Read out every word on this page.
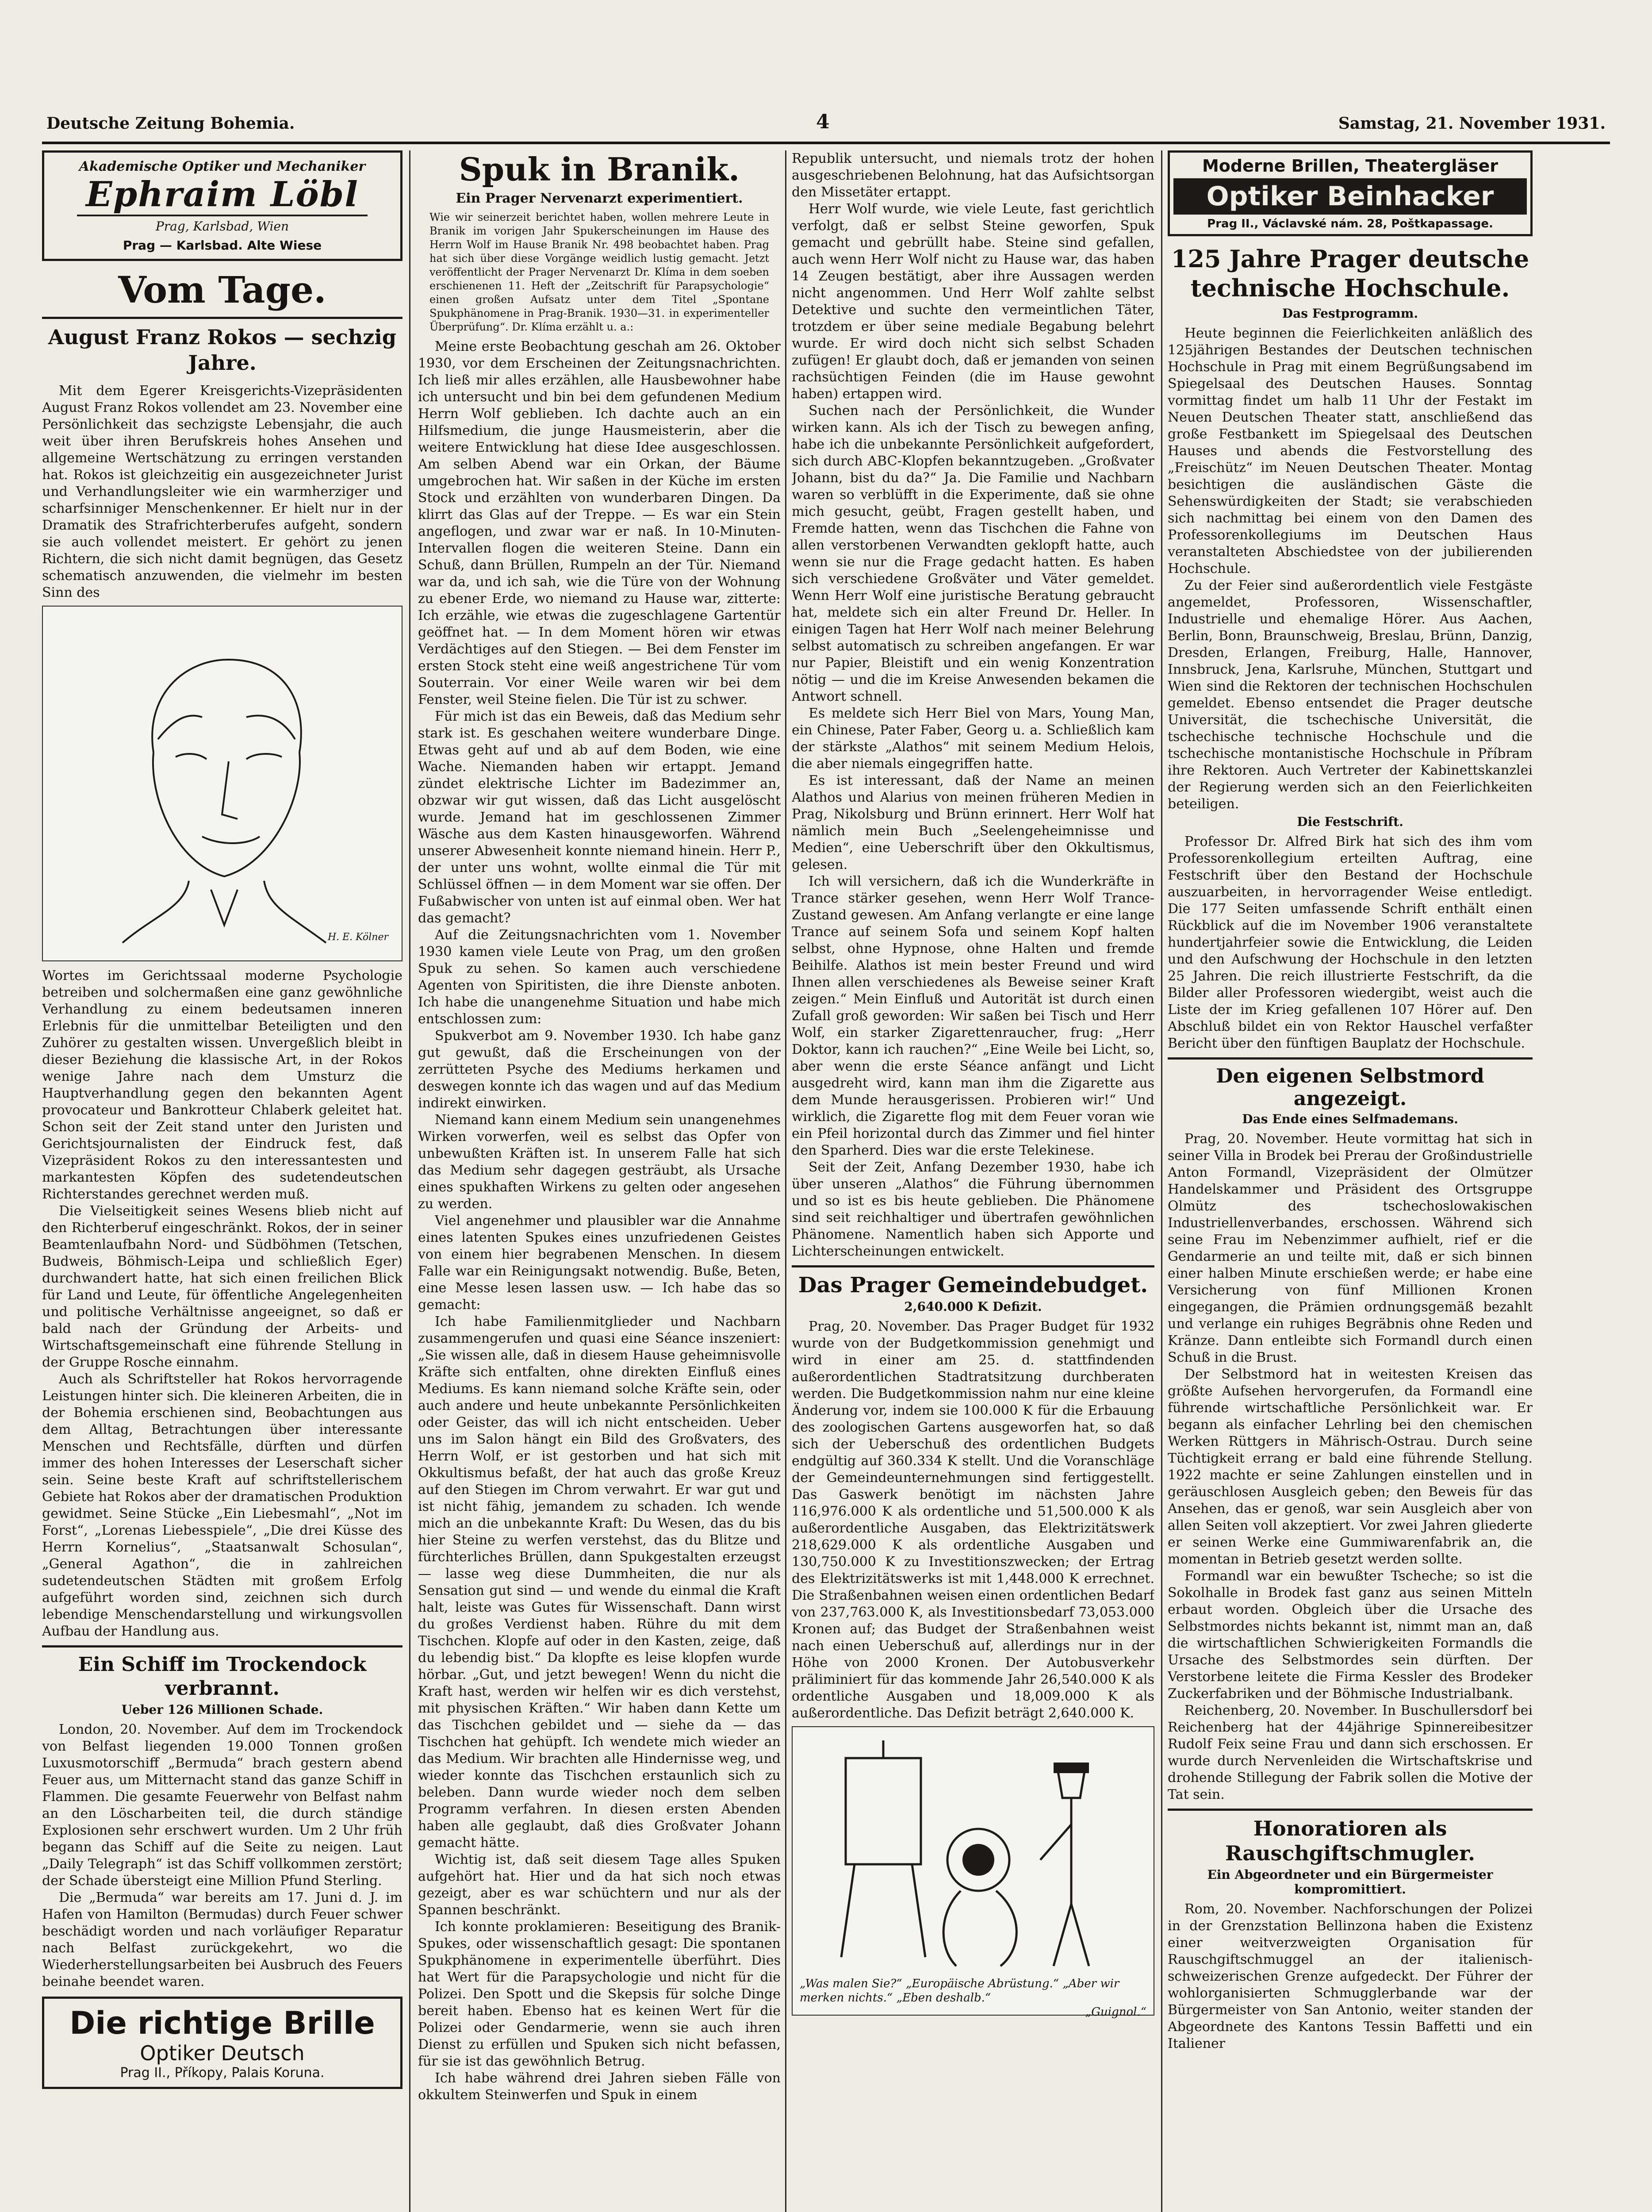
Deutsche Zeitung Bohemia.	4	Samstag, 21. November 1931.
Akademische Optiker und Mechaniker
Ephraim Löbl
Prag, Karlsbad, Wien
Prag — Karlsbad. Alte Wiese
Vom Tage.
August Franz Rokos — sechzig Jahre.
Mit dem Egerer Kreisgerichts-Vizepräsidenten August Franz Rokos vollendet am 23. November eine Persönlichkeit das sechzigste Lebensjahr, die auch weit über ihren Berufskreis hohes Ansehen und allgemeine Wertschätzung zu erringen verstanden hat. Rokos ist gleichzeitig ein ausgezeichneter Jurist und Verhandlungsleiter wie ein warmherziger und scharfsinniger Menschenkenner. Er hielt nur in der Dramatik des Strafrichterberufes aufgeht, sondern sie auch vollendet meistert. Er gehört zu jenen Richtern, die sich nicht damit begnügen, das Gesetz schematisch anzuwenden, die vielmehr im besten Sinn des
H. E. Kölner
Wortes im Gerichtssaal moderne Psychologie betreiben und solchermaßen eine ganz gewöhnliche Verhandlung zu einem bedeutsamen inneren Erlebnis für die unmittelbar Beteiligten und den Zuhörer zu gestalten wissen. Unvergeßlich bleibt in dieser Beziehung die klassische Art, in der Rokos wenige Jahre nach dem Umsturz die Hauptverhandlung gegen den bekannten Agent provocateur und Bankrotteur Chlaberk geleitet hat. Schon seit der Zeit stand unter den Juristen und Gerichtsjournalisten der Eindruck fest, daß Vizepräsident Rokos zu den interessantesten und markantesten Köpfen des sudetendeutschen Richterstandes gerechnet werden muß.
Die Vielseitigkeit seines Wesens blieb nicht auf den Richterberuf eingeschränkt. Rokos, der in seiner Beamtenlaufbahn Nord- und Südböhmen (Tetschen, Budweis, Böhmisch-Leipa und schließlich Eger) durchwandert hatte, hat sich einen freilichen Blick für Land und Leute, für öffentliche Angelegenheiten und politische Verhältnisse angeeignet, so daß er bald nach der Gründung der Arbeits- und Wirtschaftsgemeinschaft eine führende Stellung in der Gruppe Rosche einnahm.
Auch als Schriftsteller hat Rokos hervorragende Leistungen hinter sich. Die kleineren Arbeiten, die in der Bohemia erschienen sind, Beobachtungen aus dem Alltag, Betrachtungen über interessante Menschen und Rechtsfälle, dürften und dürfen immer des hohen Interesses der Leserschaft sicher sein. Seine beste Kraft auf schriftstellerischem Gebiete hat Rokos aber der dramatischen Produktion gewidmet. Seine Stücke „Ein Liebesmahl“, „Not im Forst“, „Lorenas Liebesspiele“, „Die drei Küsse des Herrn Kornelius“, „Staatsanwalt Schosulan“, „General Agathon“, die in zahlreichen sudetendeutschen Städten mit großem Erfolg aufgeführt worden sind, zeichnen sich durch lebendige Menschendarstellung und wirkungsvollen Aufbau der Handlung aus.
Ein Schiff im Trockendock verbrannt.
Ueber 126 Millionen Schade.
London, 20. November. Auf dem im Trockendock von Belfast liegenden 19.000 Tonnen großen Luxusmotorschiff „Bermuda“ brach gestern abend Feuer aus, um Mitternacht stand das ganze Schiff in Flammen. Die gesamte Feuerwehr von Belfast nahm an den Löscharbeiten teil, die durch ständige Explosionen sehr erschwert wurden. Um 2 Uhr früh begann das Schiff auf die Seite zu neigen. Laut „Daily Telegraph“ ist das Schiff vollkommen zerstört; der Schade übersteigt eine Million Pfund Sterling.
Die „Bermuda“ war bereits am 17. Juni d. J. im Hafen von Hamilton (Bermudas) durch Feuer schwer beschädigt worden und nach vorläufiger Reparatur nach Belfast zurückgekehrt, wo die Wiederherstellungsarbeiten bei Ausbruch des Feuers beinahe beendet waren.
Die richtige Brille
Optiker Deutsch
Prag II., Příkopy, Palais Koruna.
Spuk in Branik.
Ein Prager Nervenarzt experimentiert.
Wie wir seinerzeit berichtet haben, wollen mehrere Leute in Branik im vorigen Jahr Spukerscheinungen im Hause des Herrn Wolf im Hause Branik Nr. 498 beobachtet haben. Prag hat sich über diese Vorgänge weidlich lustig gemacht. Jetzt veröffentlicht der Prager Nervenarzt Dr. Klíma in dem soeben erschienenen 11. Heft der „Zeitschrift für Parapsychologie“ einen großen Aufsatz unter dem Titel „Spontane Spukphänomene in Prag-Branik. 1930—31. in experimenteller Überprüfung“. Dr. Klíma erzählt u. a.:
Meine erste Beobachtung geschah am 26. Oktober 1930, vor dem Erscheinen der Zeitungsnachrichten. Ich ließ mir alles erzählen, alle Hausbewohner habe ich untersucht und bin bei dem gefundenen Medium Herrn Wolf geblieben. Ich dachte auch an ein Hilfsmedium, die junge Hausmeisterin, aber die weitere Entwicklung hat diese Idee ausgeschlossen. Am selben Abend war ein Orkan, der Bäume umgebrochen hat. Wir saßen in der Küche im ersten Stock und erzählten von wunderbaren Dingen. Da klirrt das Glas auf der Treppe. — Es war ein Stein angeflogen, und zwar war er naß. In 10-Minuten-Intervallen flogen die weiteren Steine. Dann ein Schuß, dann Brüllen, Rumpeln an der Tür. Niemand war da, und ich sah, wie die Türe von der Wohnung zu ebener Erde, wo niemand zu Hause war, zitterte: Ich erzähle, wie etwas die zugeschlagene Gartentür geöffnet hat. — In dem Moment hören wir etwas Verdächtiges auf den Stiegen. — Bei dem Fenster im ersten Stock steht eine weiß angestrichene Tür vom Souterrain. Vor einer Weile waren wir bei dem Fenster, weil Steine fielen. Die Tür ist zu schwer.
Für mich ist das ein Beweis, daß das Medium sehr stark ist. Es geschahen weitere wunderbare Dinge. Etwas geht auf und ab auf dem Boden, wie eine Wache. Niemanden haben wir ertappt. Jemand zündet elektrische Lichter im Badezimmer an, obzwar wir gut wissen, daß das Licht ausgelöscht wurde. Jemand hat im geschlossenen Zimmer Wäsche aus dem Kasten hinausgeworfen. Während unserer Abwesenheit konnte niemand hinein. Herr P., der unter uns wohnt, wollte einmal die Tür mit Schlüssel öffnen — in dem Moment war sie offen. Der Fußabwischer von unten ist auf einmal oben. Wer hat das gemacht?
Auf die Zeitungsnachrichten vom 1. November 1930 kamen viele Leute von Prag, um den großen Spuk zu sehen. So kamen auch verschiedene Agenten von Spiritisten, die ihre Dienste anboten. Ich habe die unangenehme Situation und habe mich entschlossen zum:
Spukverbot am 9. November 1930. Ich habe ganz gut gewußt, daß die Erscheinungen von der zerrütteten Psyche des Mediums herkamen und deswegen konnte ich das wagen und auf das Medium indirekt einwirken.
Niemand kann einem Medium sein unangenehmes Wirken vorwerfen, weil es selbst das Opfer von unbewußten Kräften ist. In unserem Falle hat sich das Medium sehr dagegen gesträubt, als Ursache eines spukhaften Wirkens zu gelten oder angesehen zu werden.
Viel angenehmer und plausibler war die Annahme eines latenten Spukes eines unzufriedenen Geistes von einem hier begrabenen Menschen. In diesem Falle war ein Reinigungsakt notwendig. Buße, Beten, eine Messe lesen lassen usw. — Ich habe das so gemacht:
Ich habe Familienmitglieder und Nachbarn zusammengerufen und quasi eine Séance inszeniert: „Sie wissen alle, daß in diesem Hause geheimnisvolle Kräfte sich entfalten, ohne direkten Einfluß eines Mediums. Es kann niemand solche Kräfte sein, oder auch andere und heute unbekannte Persönlichkeiten oder Geister, das will ich nicht entscheiden. Ueber uns im Salon hängt ein Bild des Großvaters, des Herrn Wolf, er ist gestorben und hat sich mit Okkultismus befaßt, der hat auch das große Kreuz auf den Stiegen im Chrom verwahrt. Er war gut und ist nicht fähig, jemandem zu schaden. Ich wende mich an die unbekannte Kraft: Du Wesen, das du bis hier Steine zu werfen verstehst, das du Blitze und fürchterliches Brüllen, dann Spukgestalten erzeugst — lasse weg diese Dummheiten, die nur als Sensation gut sind — und wende du einmal die Kraft halt, leiste was Gutes für Wissenschaft. Dann wirst du großes Verdienst haben. Rühre du mit dem Tischchen. Klopfe auf oder in den Kasten, zeige, daß du lebendig bist.“ Da klopfte es leise klopfen wurde hörbar. „Gut, und jetzt bewegen! Wenn du nicht die Kraft hast, werden wir helfen wir es dich verstehst, mit physischen Kräften.“ Wir haben dann Kette um das Tischchen gebildet und — siehe da — das Tischchen hat gehüpft. Ich wendete mich wieder an das Medium. Wir brachten alle Hindernisse weg, und wieder konnte das Tischchen erstaunlich sich zu beleben. Dann wurde wieder noch dem selben Programm verfahren. In diesen ersten Abenden haben alle geglaubt, daß dies Großvater Johann gemacht hätte.
Wichtig ist, daß seit diesem Tage alles Spuken aufgehört hat. Hier und da hat sich noch etwas gezeigt, aber es war schüchtern und nur als der Spannen beschränkt.
Ich konnte proklamieren: Beseitigung des Branik-Spukes, oder wissenschaftlich gesagt: Die spontanen Spukphänomene in experimentelle überführt. Dies hat Wert für die Parapsychologie und nicht für die Polizei. Den Spott und die Skepsis für solche Dinge bereit haben. Ebenso hat es keinen Wert für die Polizei oder Gendarmerie, wenn sie auch ihren Dienst zu erfüllen und Spuken sich nicht befassen, für sie ist das gewöhnlich Betrug.
Ich habe während drei Jahren sieben Fälle von okkultem Steinwerfen und Spuk in einem
Republik untersucht, und niemals trotz der hohen ausgeschriebenen Belohnung, hat das Aufsichtsorgan den Missetäter ertappt.
Herr Wolf wurde, wie viele Leute, fast gerichtlich verfolgt, daß er selbst Steine geworfen, Spuk gemacht und gebrüllt habe. Steine sind gefallen, auch wenn Herr Wolf nicht zu Hause war, das haben 14 Zeugen bestätigt, aber ihre Aussagen werden nicht angenommen. Und Herr Wolf zahlte selbst Detektive und suchte den vermeintlichen Täter, trotzdem er über seine mediale Begabung belehrt wurde. Er wird doch nicht sich selbst Schaden zufügen! Er glaubt doch, daß er jemanden von seinen rachsüchtigen Feinden (die im Hause gewohnt haben) ertappen wird.
Suchen nach der Persönlichkeit, die Wunder wirken kann. Als ich der Tisch zu bewegen anfing, habe ich die unbekannte Persönlichkeit aufgefordert, sich durch ABC-Klopfen bekanntzugeben. „Großvater Johann, bist du da?“ Ja. Die Familie und Nachbarn waren so verblüfft in die Experimente, daß sie ohne mich gesucht, geübt, Fragen gestellt haben, und Fremde hatten, wenn das Tischchen die Fahne von allen verstorbenen Verwandten geklopft hatte, auch wenn sie nur die Frage gedacht hatten. Es haben sich verschiedene Großväter und Väter gemeldet. Wenn Herr Wolf eine juristische Beratung gebraucht hat, meldete sich ein alter Freund Dr. Heller. In einigen Tagen hat Herr Wolf nach meiner Belehrung selbst automatisch zu schreiben angefangen. Er war nur Papier, Bleistift und ein wenig Konzentration nötig — und die im Kreise Anwesenden bekamen die Antwort schnell.
Es meldete sich Herr Biel von Mars, Young Man, ein Chinese, Pater Faber, Georg u. a. Schließlich kam der stärkste „Alathos“ mit seinem Medium Helois, die aber niemals eingegriffen hatte.
Es ist interessant, daß der Name an meinen Alathos und Alarius von meinen früheren Medien in Prag, Nikolsburg und Brünn erinnert. Herr Wolf hat nämlich mein Buch „Seelengeheimnisse und Medien“, eine Ueberschrift über den Okkultismus, gelesen.
Ich will versichern, daß ich die Wunderkräfte in Trance stärker gesehen, wenn Herr Wolf Trance-Zustand gewesen. Am Anfang verlangte er eine lange Trance auf seinem Sofa und seinem Kopf halten selbst, ohne Hypnose, ohne Halten und fremde Beihilfe. Alathos ist mein bester Freund und wird Ihnen allen verschiedenes als Beweise seiner Kraft zeigen.“ Mein Einfluß und Autorität ist durch einen Zufall groß geworden: Wir saßen bei Tisch und Herr Wolf, ein starker Zigarettenraucher, frug: „Herr Doktor, kann ich rauchen?“ „Eine Weile bei Licht, so, aber wenn die erste Séance anfängt und Licht ausgedreht wird, kann man ihm die Zigarette aus dem Munde herausgerissen. Probieren wir!“ Und wirklich, die Zigarette flog mit dem Feuer voran wie ein Pfeil horizontal durch das Zimmer und fiel hinter den Sparherd. Dies war die erste Telekinese.
Seit der Zeit, Anfang Dezember 1930, habe ich über unseren „Alathos“ die Führung übernommen und so ist es bis heute geblieben. Die Phänomene sind seit reichhaltiger und übertrafen gewöhnlichen Phänomene. Namentlich haben sich Apporte und Lichterscheinungen entwickelt.
Das Prager Gemeindebudget.
2,640.000 K Defizit.
Prag, 20. November. Das Prager Budget für 1932 wurde von der Budgetkommission genehmigt und wird in einer am 25. d. stattfindenden außerordentlichen Stadtratsitzung durchberaten werden. Die Budgetkommission nahm nur eine kleine Änderung vor, indem sie 100.000 K für die Erbauung des zoologischen Gartens ausgeworfen hat, so daß sich der Ueberschuß des ordentlichen Budgets endgültig auf 360.334 K stellt. Und die Voranschläge der Gemeindeunternehmungen sind fertiggestellt. Das Gaswerk benötigt im nächsten Jahre 116,976.000 K als ordentliche und 51,500.000 K als außerordentliche Ausgaben, das Elektrizitätswerk 218,629.000 K als ordentliche Ausgaben und 130,750.000 K zu Investitionszwecken; der Ertrag des Elektrizitätswerks ist mit 1,448.000 K errechnet. Die Straßenbahnen weisen einen ordentlichen Bedarf von 237,763.000 K, als Investitionsbedarf 73,053.000 Kronen auf; das Budget der Straßenbahnen weist nach einen Ueberschuß auf, allerdings nur in der Höhe von 2000 Kronen. Der Autobusverkehr präliminiert für das kommende Jahr 26,540.000 K als ordentliche Ausgaben und 18,009.000 K als außerordentliche. Das Defizit beträgt 2,640.000 K.
„Was malen Sie?“ „Europäische Abrüstung.“ „Aber wir merken nichts.“ „Eben deshalb.“
„Guignol.“
Moderne Brillen, Theatergläser
Optiker Beinhacker
Prag II., Václavské nám. 28, Poštkapassage.
125 Jahre Prager deutsche technische Hochschule.
Das Festprogramm.
Heute beginnen die Feierlichkeiten anläßlich des 125jährigen Bestandes der Deutschen technischen Hochschule in Prag mit einem Begrüßungsabend im Spiegelsaal des Deutschen Hauses. Sonntag vormittag findet um halb 11 Uhr der Festakt im Neuen Deutschen Theater statt, anschließend das große Festbankett im Spiegelsaal des Deutschen Hauses und abends die Festvorstellung des „Freischütz“ im Neuen Deutschen Theater. Montag besichtigen die ausländischen Gäste die Sehenswürdigkeiten der Stadt; sie verabschieden sich nachmittag bei einem von den Damen des Professorenkollegiums im Deutschen Haus veranstalteten Abschiedstee von der jubilierenden Hochschule.
Zu der Feier sind außerordentlich viele Festgäste angemeldet, Professoren, Wissenschaftler, Industrielle und ehemalige Hörer. Aus Aachen, Berlin, Bonn, Braunschweig, Breslau, Brünn, Danzig, Dresden, Erlangen, Freiburg, Halle, Hannover, Innsbruck, Jena, Karlsruhe, München, Stuttgart und Wien sind die Rektoren der technischen Hochschulen gemeldet. Ebenso entsendet die Prager deutsche Universität, die tschechische Universität, die tschechische technische Hochschule und die tschechische montanistische Hochschule in Příbram ihre Rektoren. Auch Vertreter der Kabinettskanzlei der Regierung werden sich an den Feierlichkeiten beteiligen.
Die Festschrift.
Professor Dr. Alfred Birk hat sich des ihm vom Professorenkollegium erteilten Auftrag, eine Festschrift über den Bestand der Hochschule auszuarbeiten, in hervorragender Weise entledigt. Die 177 Seiten umfassende Schrift enthält einen Rückblick auf die im November 1906 veranstaltete hundertjahrfeier sowie die Entwicklung, die Leiden und den Aufschwung der Hochschule in den letzten 25 Jahren. Die reich illustrierte Festschrift, da die Bilder aller Professoren wiedergibt, weist auch die Liste der im Krieg gefallenen 107 Hörer auf. Den Abschluß bildet ein von Rektor Hauschel verfaßter Bericht über den fünftigen Bauplatz der Hochschule.
Den eigenen Selbstmord angezeigt.
Das Ende eines Selfmademans.
Prag, 20. November. Heute vormittag hat sich in seiner Villa in Brodek bei Prerau der Großindustrielle Anton Formandl, Vizepräsident der Olmützer Handelskammer und Präsident des Ortsgruppe Olmütz des tschechoslowakischen Industriellenverbandes, erschossen. Während sich seine Frau im Nebenzimmer aufhielt, rief er die Gendarmerie an und teilte mit, daß er sich binnen einer halben Minute erschießen werde; er habe eine Versicherung von fünf Millionen Kronen eingegangen, die Prämien ordnungsgemäß bezahlt und verlange ein ruhiges Begräbnis ohne Reden und Kränze. Dann entleibte sich Formandl durch einen Schuß in die Brust.
Der Selbstmord hat in weitesten Kreisen das größte Aufsehen hervorgerufen, da Formandl eine führende wirtschaftliche Persönlichkeit war. Er begann als einfacher Lehrling bei den chemischen Werken Rüttgers in Mährisch-Ostrau. Durch seine Tüchtigkeit errang er bald eine führende Stellung. 1922 machte er seine Zahlungen einstellen und in geräuschlosen Ausgleich geben; den Beweis für das Ansehen, das er genoß, war sein Ausgleich aber von allen Seiten voll akzeptiert. Vor zwei Jahren gliederte er seinen Werke eine Gummiwarenfabrik an, die momentan in Betrieb gesetzt werden sollte.
Formandl war ein bewußter Tscheche; so ist die Sokolhalle in Brodek fast ganz aus seinen Mitteln erbaut worden. Obgleich über die Ursache des Selbstmordes nichts bekannt ist, nimmt man an, daß die wirtschaftlichen Schwierigkeiten Formandls die Ursache des Selbstmordes sein dürften. Der Verstorbene leitete die Firma Kessler des Brodeker Zuckerfabriken und der Böhmische Industrialbank.
Reichenberg, 20. November. In Buschullersdorf bei Reichenberg hat der 44jährige Spinnereibesitzer Rudolf Feix seine Frau und dann sich erschossen. Er wurde durch Nervenleiden die Wirtschaftskrise und drohende Stillegung der Fabrik sollen die Motive der Tat sein.
Honoratioren als Rauschgiftschmugler.
Ein Abgeordneter und ein Bürgermeister kompromittiert.
Rom, 20. November. Nachforschungen der Polizei in der Grenzstation Bellinzona haben die Existenz einer weitverzweigten Organisation für Rauschgiftschmuggel an der italienisch-schweizerischen Grenze aufgedeckt. Der Führer der wohlorganisierten Schmugglerbande war der Bürgermeister von San Antonio, weiter standen der Abgeordnete des Kantons Tessin Baffetti und ein Italiener
